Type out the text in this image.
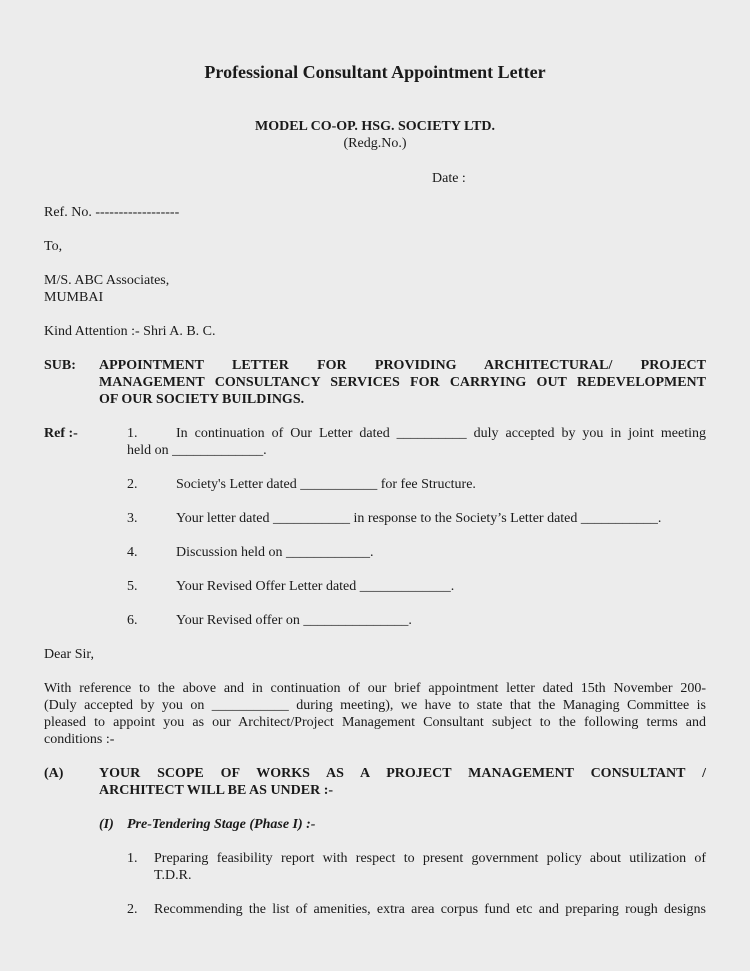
Professional Consultant Appointment Letter
MODEL CO-OP. HSG. SOCIETY LTD.
(Redg.No.)
Date :
Ref. No. ------------------
To,
M/S. ABC Associates,
MUMBAI
Kind Attention :- Shri A. B. C.
SUB: APPOINTMENT LETTER FOR PROVIDING ARCHITECTURAL/ PROJECT
MANAGEMENT CONSULTANCY SERVICES FOR CARRYING OUT REDEVELOPMENT
OF OUR SOCIETY BUILDINGS.
Ref :-	1.	In continuation of Our Letter dated __________ duly accepted by you in joint meeting
held on _____________.
2.	Society's Letter dated ___________ for fee Structure.
3.	Your letter dated ___________ in response to the Society’s Letter dated ___________.
4.	Discussion held on ____________.
5.	Your Revised Offer Letter dated _____________.
6.	Your Revised offer on _______________.
Dear Sir,
With reference to the above and in continuation of our brief appointment letter dated 15th November 200-
(Duly accepted by you on ___________ during meeting), we have to state that the Managing Committee is
pleased to appoint you as our Architect/Project Management Consultant subject to the following terms and
conditions :-
(A)	YOUR SCOPE OF WORKS AS A PROJECT MANAGEMENT CONSULTANT /
ARCHITECT WILL BE AS UNDER :-
(I) Pre-Tendering Stage (Phase I) :-
1. Preparing feasibility report with respect to present government policy about utilization of
T.D.R.
2. Recommending the list of amenities, extra area corpus fund etc and preparing rough designs
